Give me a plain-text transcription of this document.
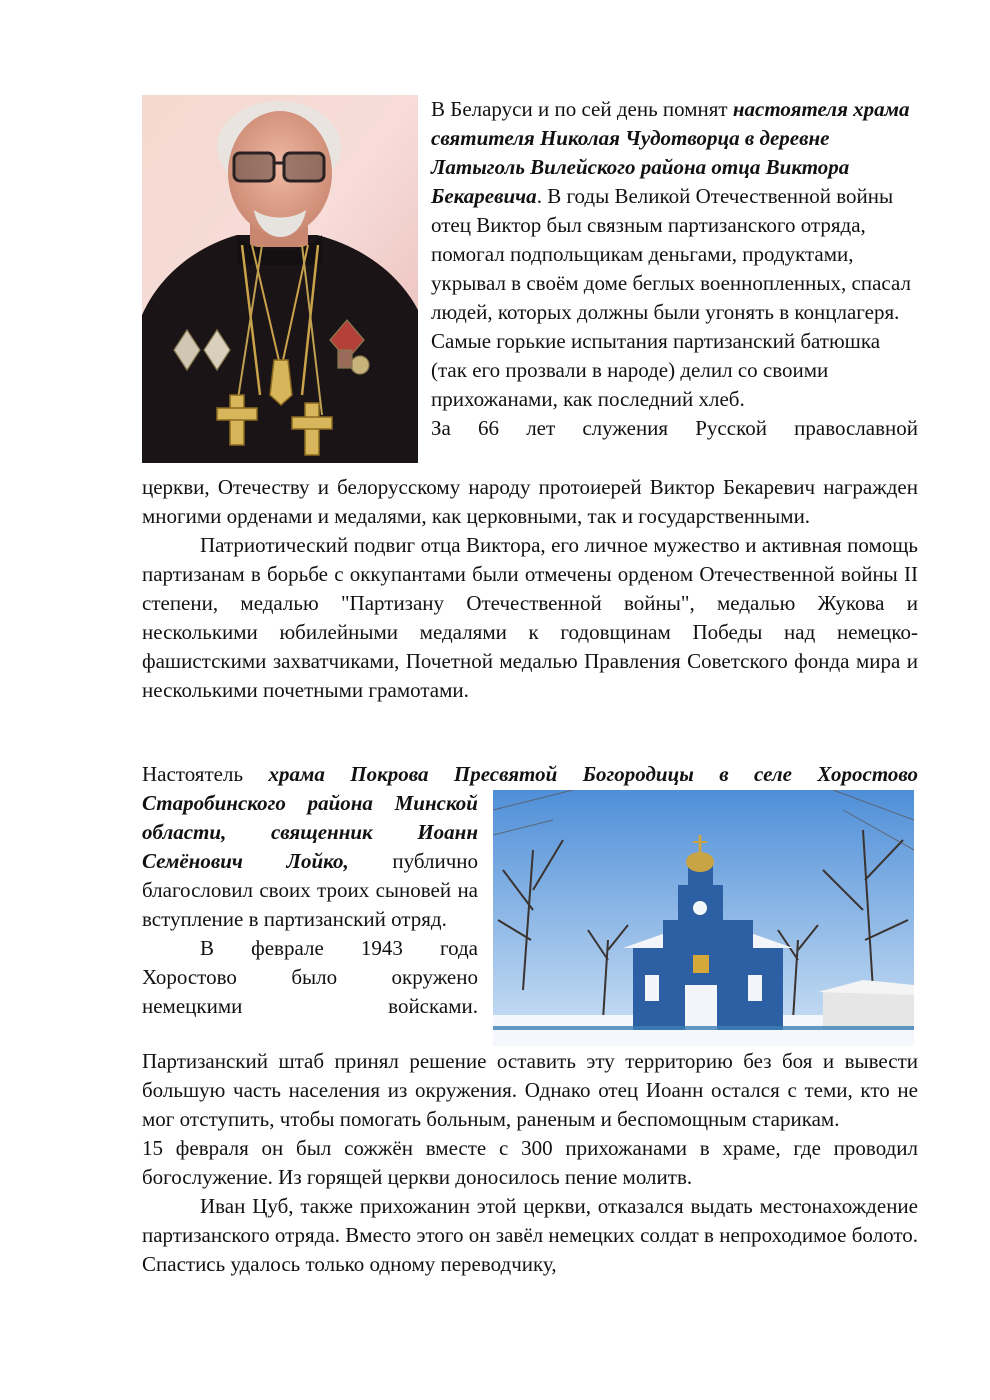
В Беларуси и по сей день помнят настоятеля храма святителя Николая Чудотворца в деревне Латыголь Вилейского района отца Виктора Бекаревича. В годы Великой Отечественной войны отец Виктор был связным партизанского отряда, помогал подпольщикам деньгами, продуктами, укрывал в своём доме беглых военнопленных, спасал людей, которых должны были угонять в концлагеря. Самые горькие испытания партизанский батюшка (так его прозвали в народе) делил со своими прихожанами, как последний хлеб.

За 66 лет служения Русской православной

церкви, Отечеству и белорусскому народу протоиерей Виктор Бекаревич награжден многими орденами и медалями, как церковными, так и государственными.

Патриотический подвиг отца Виктора, его личное мужество и активная помощь партизанам в борьбе с оккупантами были отмечены орденом Отечественной войны II степени, медалью "Партизану Отечественной войны", медалью Жукова и несколькими юбилейными медалями к годовщинам Победы над немецко-фашистскими захватчиками, Почетной медалью Правления Советского фонда мира и несколькими почетными грамотами.

Настоятель храма Покрова Пресвятой Богородицы в селе Хоростово

Старобинского района Минской области, священник Иоанн Семёнович Лойко, публично благословил своих троих сыновей на вступление в партизанский отряд.

В феврале 1943 года Хоростово было окружено немецкими войсками.

Партизанский штаб принял решение оставить эту территорию без боя и вывести большую часть населения из окружения. Однако отец Иоанн остался с теми, кто не мог отступить, чтобы помогать больным, раненым и беспомощным старикам.

15 февраля он был сожжён вместе с 300 прихожанами в храме, где проводил богослужение. Из горящей церкви доносилось пение молитв.

Иван Цуб, также прихожанин этой церкви, отказался выдать местонахождение партизанского отряда. Вместо этого он завёл немецких солдат в непроходимое болото. Спастись удалось только одному переводчику,
